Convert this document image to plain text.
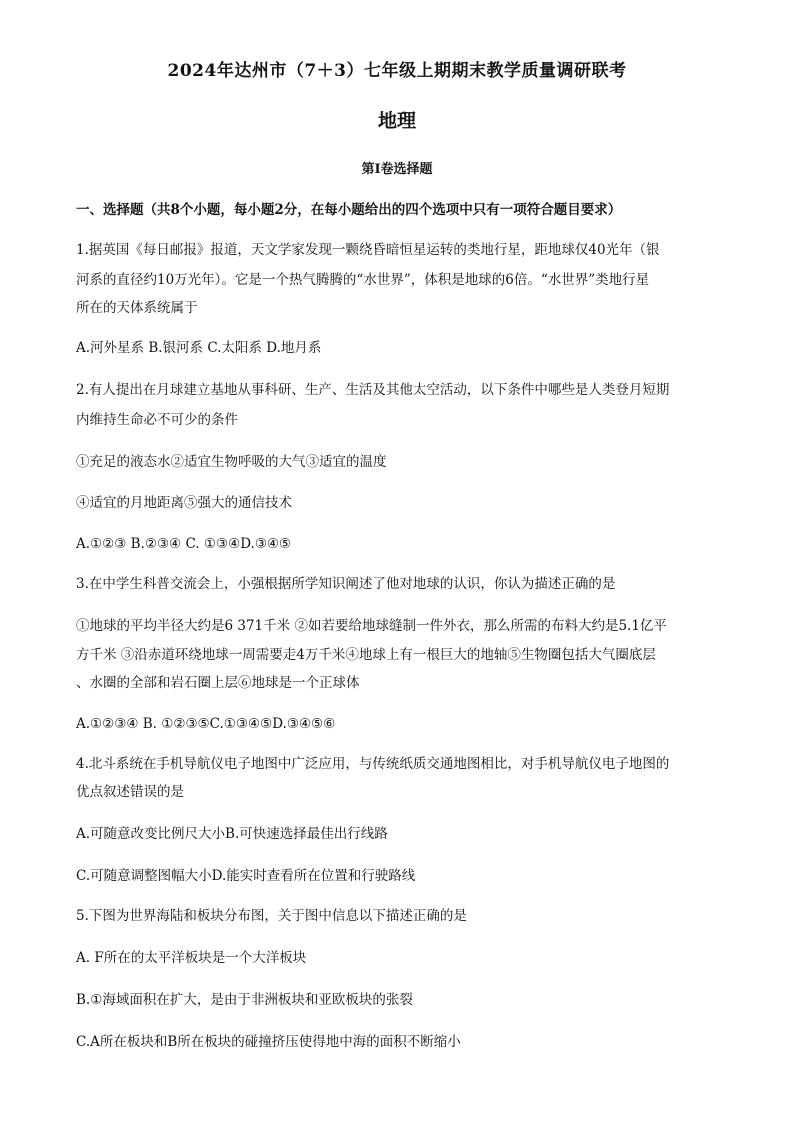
2024年达州市（7＋3）七年级上期期末教学质量调研联考
地理
第I卷选择题
一、选择题（共8个小题，每小题2分，在每小题给出的四个选项中只有一项符合题目要求）
1.据英国《每日邮报》报道，天文学家发现一颗绕昏暗恒星运转的类地行星，距地球仅40光年（银
河系的直径约10万光年）。它是一个热气腾腾的“水世界”，体积是地球的6倍。“水世界”类地行星
所在的天体系统属于
A.河外星系 B.银河系 C.太阳系 D.地月系
2.有人提出在月球建立基地从事科研、生产、生活及其他太空活动，以下条件中哪些是人类登月短期
内维持生命必不可少的条件
①充足的液态水②适宜生物呼吸的大气③适宜的温度
④适宜的月地距离⑤强大的通信技术
A.①②③ B.②③④ C. ①③④D.③④⑤
3.在中学生科普交流会上，小强根据所学知识阐述了他对地球的认识，你认为描述正确的是
①地球的平均半径大约是6 371千米 ②如若要给地球缝制一件外衣，那么所需的布料大约是5.1亿平
方千米 ③沿赤道环绕地球一周需要走4万千米④地球上有一根巨大的地轴⑤生物圈包括大气圈底层
、水圈的全部和岩石圈上层⑥地球是一个正球体
A.①②③④ B. ①②③⑤C.①③④⑤D.③④⑤⑥
4.北斗系统在手机导航仪电子地图中广泛应用，与传统纸质交通地图相比，对手机导航仪电子地图的
优点叙述错误的是
A.可随意改变比例尺大小B.可快速选择最佳出行线路
C.可随意调整图幅大小D.能实时查看所在位置和行驶路线
5.下图为世界海陆和板块分布图，关于图中信息以下描述正确的是
A. F所在的太平洋板块是一个大洋板块
B.①海域面积在扩大，是由于非洲板块和亚欧板块的张裂
C.A所在板块和B所在板块的碰撞挤压使得地中海的面积不断缩小
